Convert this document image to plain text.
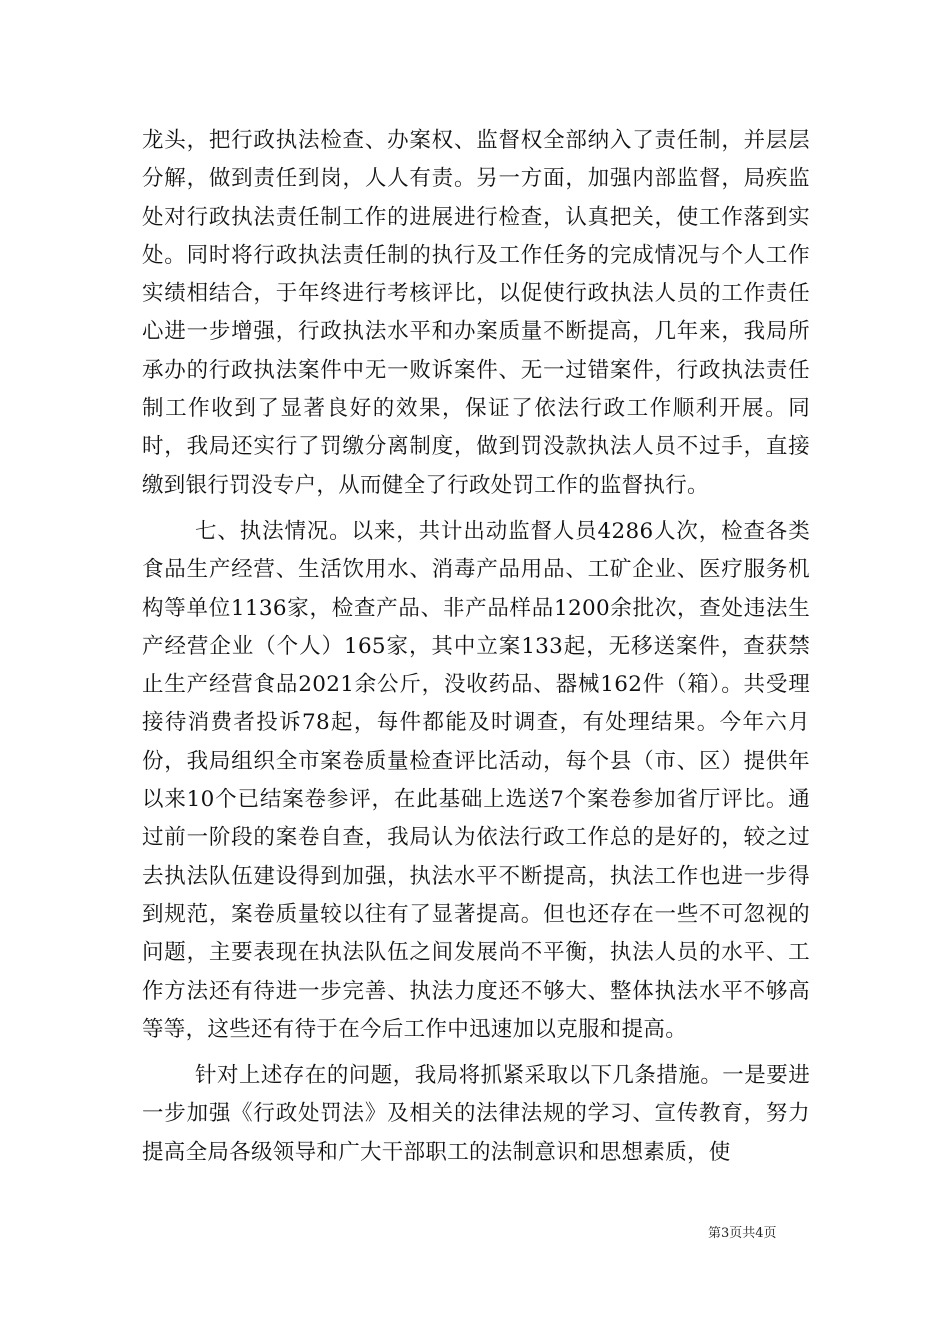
龙头，把行政执法检查、办案权、监督权全部纳入了责任制，并层层分解，做到责任到岗，人人有责。另一方面，加强内部监督，局疾监处对行政执法责任制工作的进展进行检查，认真把关，使工作落到实处。同时将行政执法责任制的执行及工作任务的完成情况与个人工作实绩相结合，于年终进行考核评比，以促使行政执法人员的工作责任心进一步增强，行政执法水平和办案质量不断提高，几年来，我局所承办的行政执法案件中无一败诉案件、无一过错案件，行政执法责任制工作收到了显著良好的效果，保证了依法行政工作顺利开展。同时，我局还实行了罚缴分离制度，做到罚没款执法人员不过手，直接缴到银行罚没专户，从而健全了行政处罚工作的监督执行。

七、执法情况。以来，共计出动监督人员4286人次，检查各类食品生产经营、生活饮用水、消毒产品用品、工矿企业、医疗服务机构等单位1136家，检查产品、非产品样品1200余批次，查处违法生产经营企业（个人）165家，其中立案133起，无移送案件，查获禁止生产经营食品2021余公斤，没收药品、器械162件（箱）。共受理接待消费者投诉78起，每件都能及时调查，有处理结果。今年六月份，我局组织全市案卷质量检查评比活动，每个县（市、区）提供年以来10个已结案卷参评，在此基础上选送7个案卷参加省厅评比。通过前一阶段的案卷自查，我局认为依法行政工作总的是好的，较之过去执法队伍建设得到加强，执法水平不断提高，执法工作也进一步得到规范，案卷质量较以往有了显著提高。但也还存在一些不可忽视的问题，主要表现在执法队伍之间发展尚不平衡，执法人员的水平、工作方法还有待进一步完善、执法力度还不够大、整体执法水平不够高等等，这些还有待于在今后工作中迅速加以克服和提高。

针对上述存在的问题，我局将抓紧采取以下几条措施。一是要进一步加强《行政处罚法》及相关的法律法规的学习、宣传教育，努力提高全局各级领导和广大干部职工的法制意识和思想素质，使

第3页共4页
